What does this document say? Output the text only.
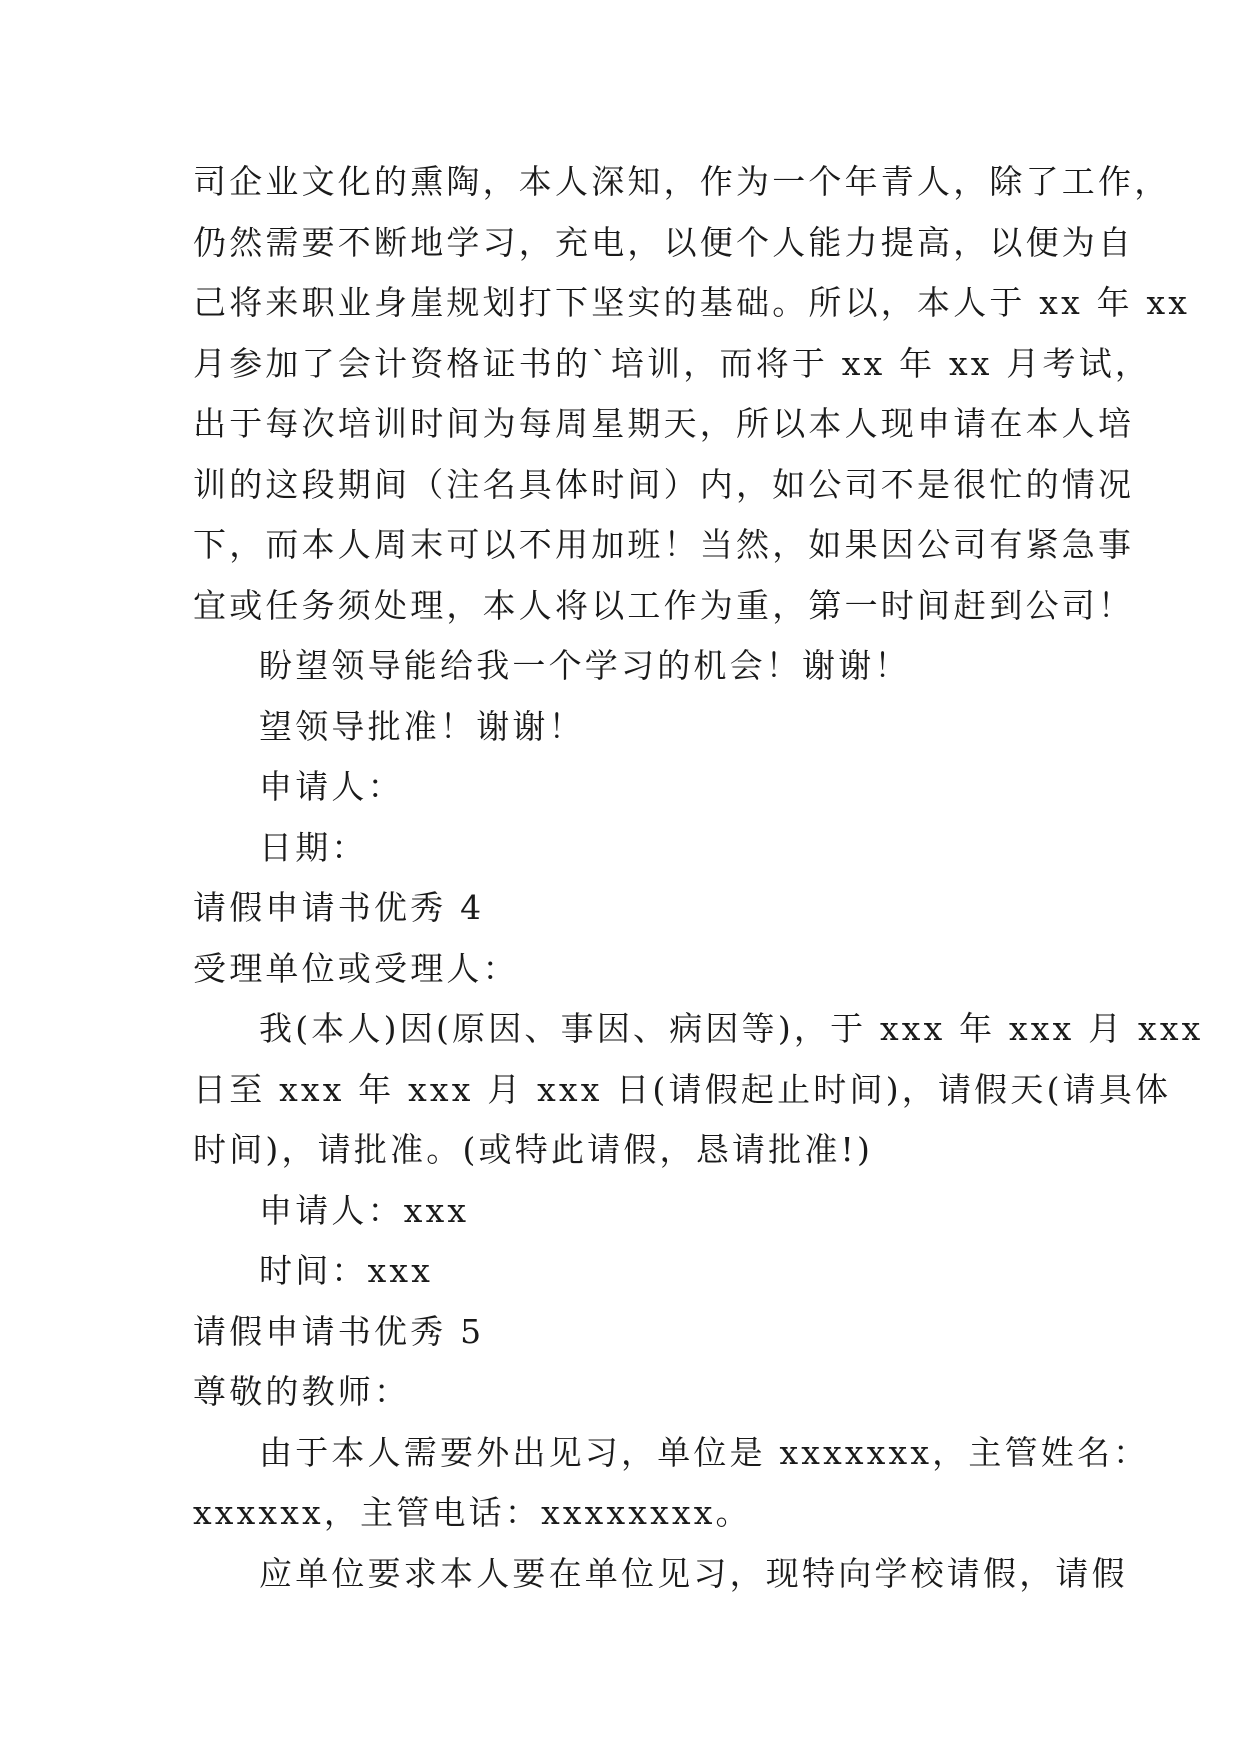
司企业文化的熏陶，本人深知，作为一个年青人，除了工作，
仍然需要不断地学习，充电，以便个人能力提高，以便为自
己将来职业身崖规划打下坚实的基础。所以，本人于 xx 年 xx
月参加了会计资格证书的`培训，而将于 xx 年 xx 月考试，
出于每次培训时间为每周星期天，所以本人现申请在本人培
训的这段期间（注名具体时间）内，如公司不是很忙的情况
下，而本人周末可以不用加班！当然，如果因公司有紧急事
宜或任务须处理，本人将以工作为重，第一时间赶到公司！
盼望领导能给我一个学习的机会！谢谢！
望领导批准！谢谢！
申请人：
日期：
请假申请书优秀 4
受理单位或受理人：
我(本人)因(原因、事因、病因等)，于 xxx 年 xxx 月 xxx
日至 xxx 年 xxx 月 xxx 日(请假起止时间)，请假天(请具体
时间)，请批准。(或特此请假，恳请批准!)
申请人：xxx
时间：xxx
请假申请书优秀 5
尊敬的教师：
由于本人需要外出见习，单位是 xxxxxxx，主管姓名：
xxxxxx，主管电话：xxxxxxxx。
应单位要求本人要在单位见习，现特向学校请假，请假
